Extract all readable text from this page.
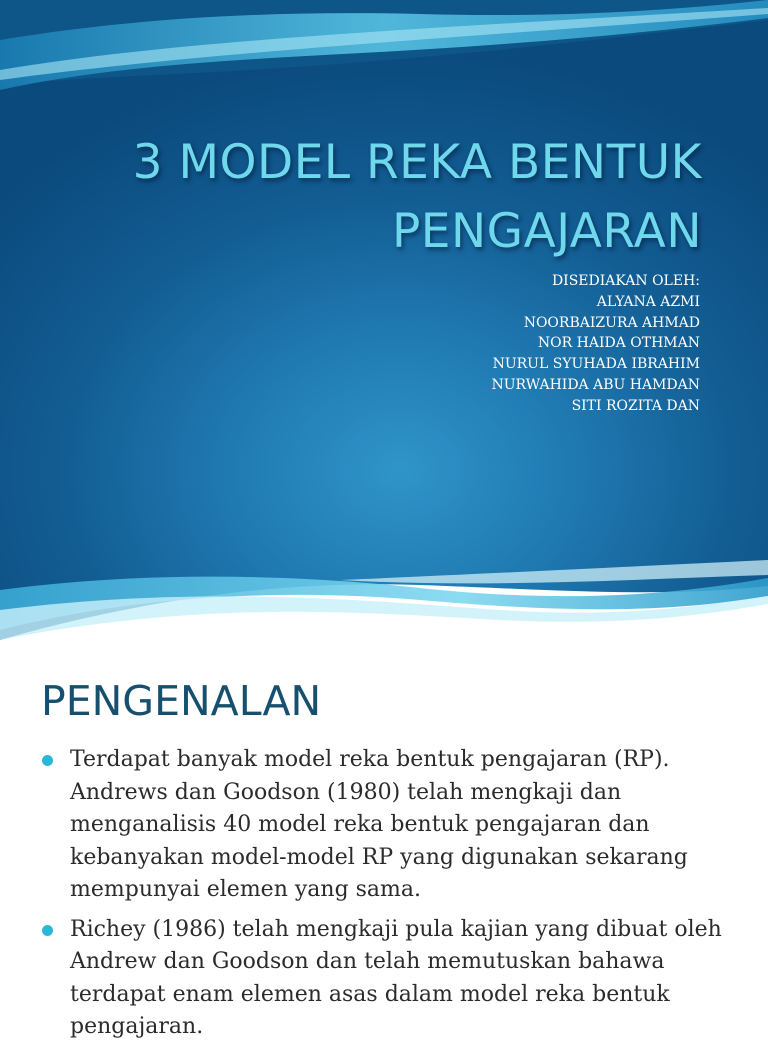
3 MODEL REKA BENTUK
PENGAJARAN
DISEDIAKAN OLEH:
ALYANA AZMI
NOORBAIZURA AHMAD
NOR HAIDA OTHMAN
NURUL SYUHADA IBRAHIM
NURWAHIDA ABU HAMDAN
SITI ROZITA DAN
PENGENALAN
Terdapat banyak model reka bentuk pengajaran (RP). Andrews dan Goodson (1980) telah mengkaji dan menganalisis 40 model reka bentuk pengajaran dan kebanyakan model-model RP yang digunakan sekarang mempunyai elemen yang sama.
Richey (1986) telah mengkaji pula kajian yang dibuat oleh Andrew dan Goodson dan telah memutuskan bahawa terdapat enam elemen asas dalam model reka bentuk pengajaran.
